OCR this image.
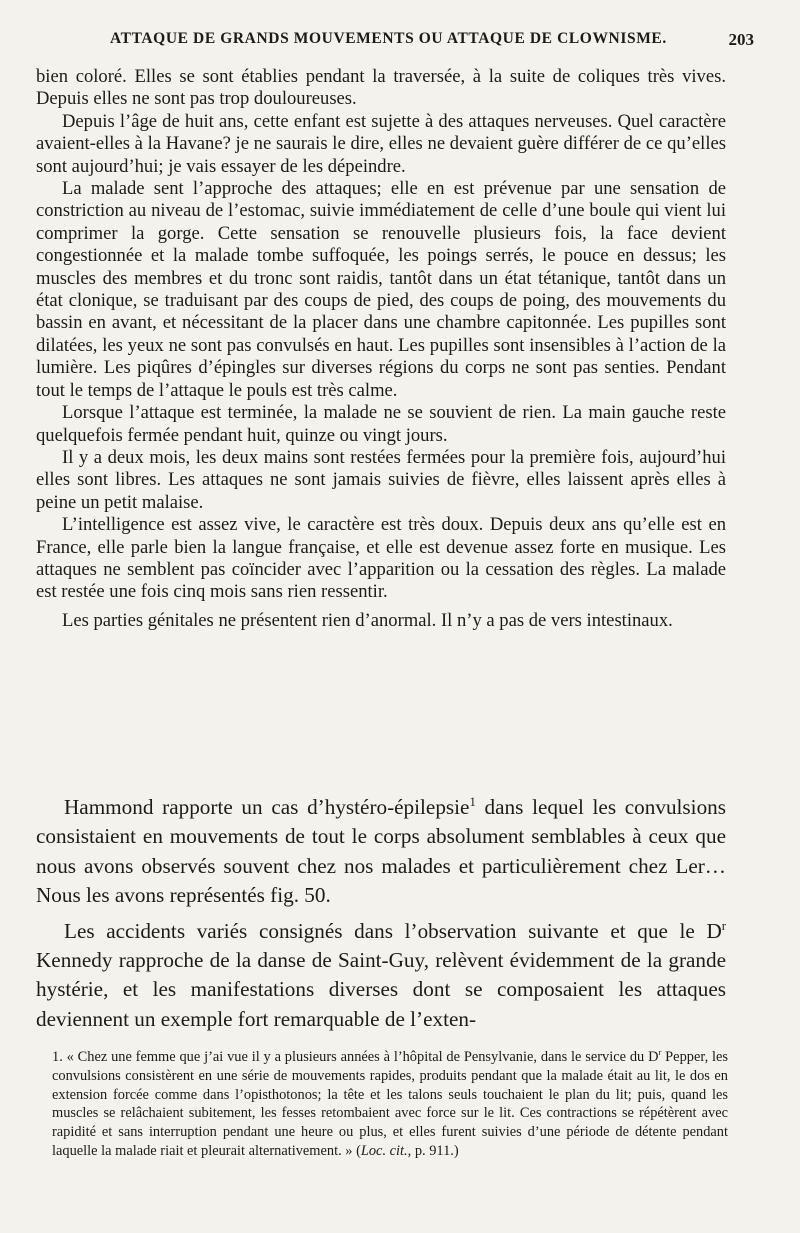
ATTAQUE DE GRANDS MOUVEMENTS OU ATTAQUE DE CLOWNISME.	203

bien coloré. Elles se sont établies pendant la traversée, à la suite de coliques très vives. Depuis elles ne sont pas trop douloureuses.

Depuis l’âge de huit ans, cette enfant est sujette à des attaques nerveuses. Quel caractère avaient-elles à la Havane? je ne saurais le dire, elles ne devaient guère différer de ce qu’elles sont aujourd’hui; je vais essayer de les dépeindre.

La malade sent l’approche des attaques; elle en est prévenue par une sensation de constriction au niveau de l’estomac, suivie immédiatement de celle d’une boule qui vient lui comprimer la gorge. Cette sensation se renouvelle plusieurs fois, la face devient congestionnée et la malade tombe suffoquée, les poings serrés, le pouce en dessus; les muscles des membres et du tronc sont raidis, tantôt dans un état tétanique, tantôt dans un état clonique, se traduisant par des coups de pied, des coups de poing, des mouvements du bassin en avant, et nécessitant de la placer dans une chambre capitonnée. Les pupilles sont dilatées, les yeux ne sont pas convulsés en haut. Les pupilles sont insensibles à l’action de la lumière. Les piqûres d’épingles sur diverses régions du corps ne sont pas senties. Pendant tout le temps de l’attaque le pouls est très calme.

Lorsque l’attaque est terminée, la malade ne se souvient de rien. La main gauche reste quelquefois fermée pendant huit, quinze ou vingt jours.

Il y a deux mois, les deux mains sont restées fermées pour la première fois, aujourd’hui elles sont libres. Les attaques ne sont jamais suivies de fièvre, elles laissent après elles à peine un petit malaise.

L’intelligence est assez vive, le caractère est très doux. Depuis deux ans qu’elle est en France, elle parle bien la langue française, et elle est devenue assez forte en musique. Les attaques ne semblent pas coïncider avec l’apparition ou la cessation des règles. La malade est restée une fois cinq mois sans rien ressentir.

Les parties génitales ne présentent rien d’anormal. Il n’y a pas de vers intestinaux.

Hammond rapporte un cas d’hystéro-épilepsie$^1$ dans lequel les convulsions consistaient en mouvements de tout le corps absolument semblables à ceux que nous avons observés souvent chez nos malades et particulièrement chez Ler… Nous les avons représentés fig. 50.

Les accidents variés consignés dans l’observation suivante et que le $D^r$ Kennedy rapproche de la danse de Saint-Guy, relèvent évidemment de la grande hystérie, et les manifestations diverses dont se composaient les attaques deviennent un exemple fort remarquable de l’exten-

1. « Chez une femme que j’ai vue il y a plusieurs années à l’hôpital de Pensylvanie, dans le service du $D^r$ Pepper, les convulsions consistèrent en une série de mouvements rapides, produits pendant que la malade était au lit, le dos en extension forcée comme dans l’opisthotonos; la tête et les talons seuls touchaient le plan du lit; puis, quand les muscles se relâchaient subitement, les fesses retombaient avec force sur le lit. Ces contractions se répétèrent avec rapidité et sans interruption pendant une heure ou plus, et elles furent suivies d’une période de détente pendant laquelle la malade riait et pleurait alternativement. » (Loc. cit., p. 911.)
